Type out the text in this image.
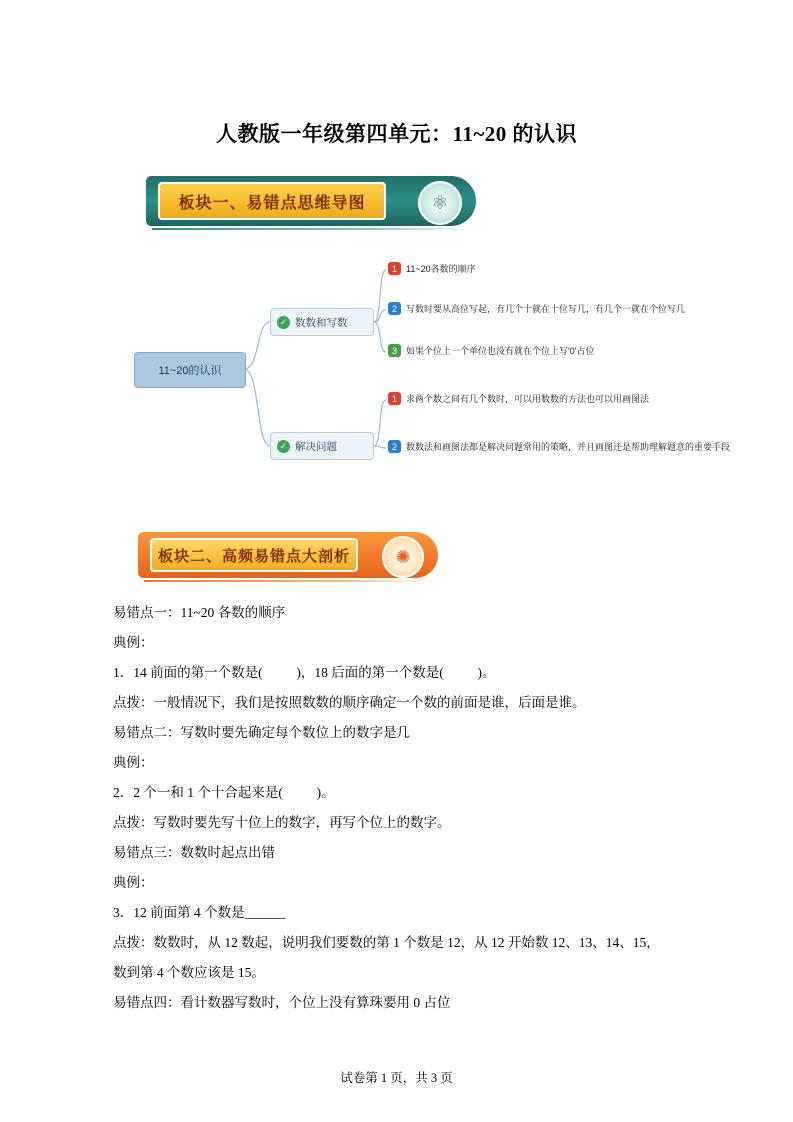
人教版一年级第四单元：11~20 的认识
板块一、易错点思维导图	⚛
11~20的认识
✓ 数数和写数
✓ 解决问题
1	11~20各数的顺序
2	写数时要从高位写起，有几个十就在十位写几，有几个一就在个位写几
3	如果个位上一个单位也没有就在个位上写'0'占位
1	求两个数之间有几个数时，可以用数数的方法也可以用画图法
2	数数法和画图法都是解决问题常用的策略，并且画图还是帮助理解题意的重要手段
板块二、高频易错点大剖析	✺
易错点一：11~20 各数的顺序
典例：
1．14 前面的第一个数是(          )，18 后面的第一个数是(          )。
点拨：一般情况下，我们是按照数数的顺序确定一个数的前面是谁，后面是谁。
易错点二：写数时要先确定每个数位上的数字是几
典例：
2．2 个一和 1 个十合起来是(          )。
点拨：写数时要先写十位上的数字，再写个位上的数字。
易错点三：数数时起点出错
典例：
3．12 前面第 4 个数是______
点拨：数数时，从 12 数起，说明我们要数的第 1 个数是 12，从 12 开始数 12、13、14、15，
数到第 4 个数应该是 15。
易错点四：看计数器写数时，个位上没有算珠要用 0 占位
试卷第 1 页，共 3 页
